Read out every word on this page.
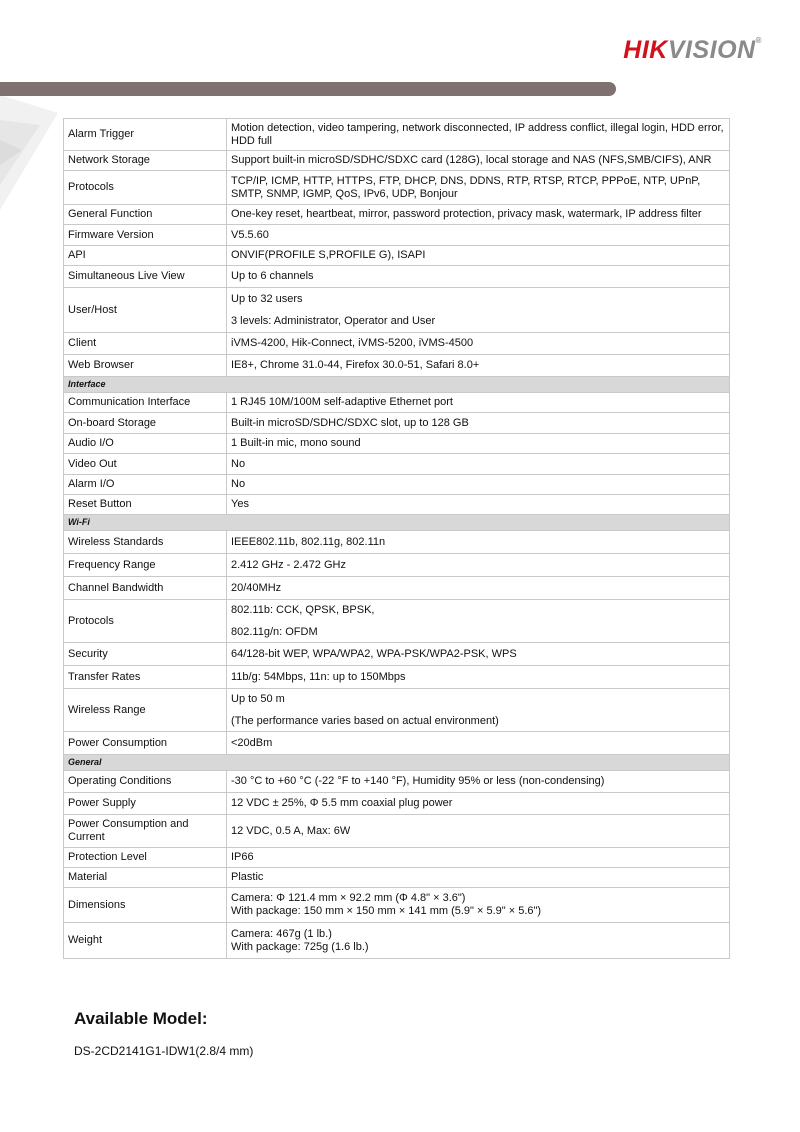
HIKVISION®
Alarm Trigger	Motion detection, video tampering, network disconnected, IP address conflict, illegal login, HDD error, HDD full

Network Storage	Support built-in microSD/SDHC/SDXC card (128G), local storage and NAS (NFS,SMB/CIFS), ANR

Protocols	TCP/IP, ICMP, HTTP, HTTPS, FTP, DHCP, DNS, DDNS, RTP, RTSP, RTCP, PPPoE, NTP, UPnP, SMTP, SNMP, IGMP, QoS, IPv6, UDP, Bonjour

General Function	One-key reset, heartbeat, mirror, password protection, privacy mask, watermark, IP address filter

Firmware Version	V5.5.60

API	ONVIF(PROFILE S,PROFILE G), ISAPI

Simultaneous Live View	Up to 6 channels

User/Host	Up to 32 users
3 levels: Administrator, Operator and User

Client	iVMS-4200, Hik-Connect, iVMS-5200, iVMS-4500

Web Browser	IE8+, Chrome 31.0-44, Firefox 30.0-51, Safari 8.0+

Interface	
Communication Interface	1 RJ45 10M/100M self-adaptive Ethernet port

On-board Storage	Built-in microSD/SDHC/SDXC slot, up to 128 GB

Audio I/O	1 Built-in mic, mono sound

Video Out	No

Alarm I/O	No

Reset Button	Yes

Wi-Fi	
Wireless Standards	IEEE802.11b, 802.11g, 802.11n

Frequency Range	2.412 GHz - 2.472 GHz

Channel Bandwidth	20/40MHz

Protocols	802.11b: CCK, QPSK, BPSK,
802.11g/n: OFDM

Security	64/128-bit WEP, WPA/WPA2, WPA-PSK/WPA2-PSK, WPS

Transfer Rates	11b/g: 54Mbps, 11n: up to 150Mbps

Wireless Range	Up to 50 m
(The performance varies based on actual environment)

Power Consumption	<20dBm

General	
Operating Conditions	-30 °C to +60 °C (-22 °F to +140 °F), Humidity 95% or less (non-condensing)

Power Supply	12 VDC ± 25%, Φ 5.5 mm coaxial plug power

Power Consumption and Current	12 VDC, 0.5 A, Max: 6W

Protection Level	IP66

Material	Plastic

Dimensions	Camera: Φ 121.4 mm × 92.2 mm (Φ 4.8" × 3.6")
With package: 150 mm × 150 mm × 141 mm (5.9" × 5.9" × 5.6")

Weight	Camera: 467g (1 lb.)
With package: 725g (1.6 lb.)
Available Model:
DS-2CD2141G1-IDW1(2.8/4 mm)
